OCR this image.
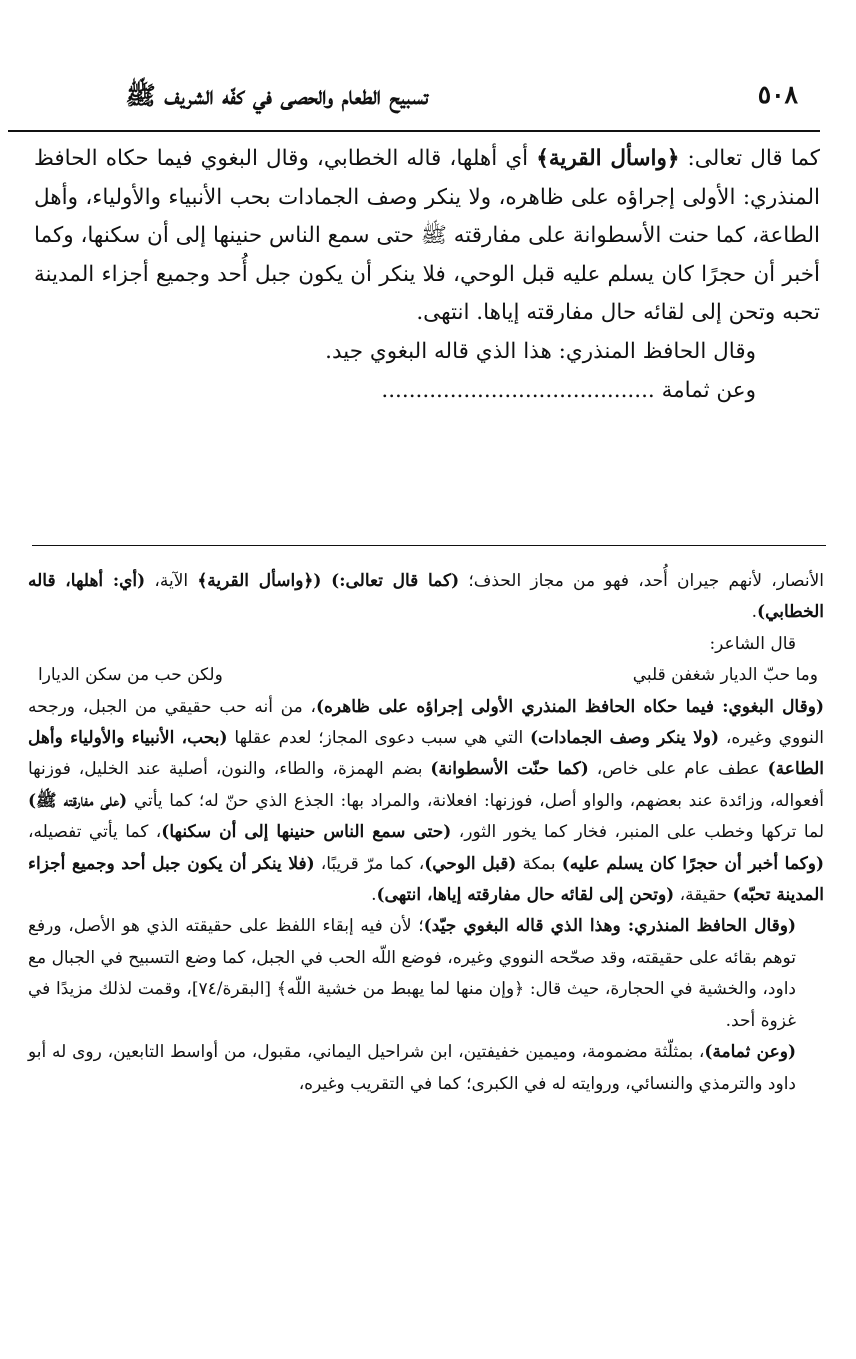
٥٠٨
تسبيح الطعام والحصى في كفّه الشريف ﷺ

كما قال تعالى: ﴿واسأل القرية﴾ أي أهلها، قاله الخطابي، وقال البغوي فيما حكاه الحافظ المنذري: الأولى إجراؤه على ظاهره، ولا ينكر وصف الجمادات بحب الأنبياء والأولياء، وأهل الطاعة، كما حنت الأسطوانة على مفارقته ﷺ حتى سمع الناس حنينها إلى أن سكنها، وكما أخبر أن حجرًا كان يسلم عليه قبل الوحي، فلا ينكر أن يكون جبل أُحد وجميع أجزاء المدينة تحبه وتحن إلى لقائه حال مفارقته إياها. انتهى.

وقال الحافظ المنذري: هذا الذي قاله البغوي جيد.

وعن ثمامة ........................................

الأنصار، لأنهم جيران أُحد، فهو من مجاز الحذف؛ (كما قال تعالى:) (﴿واسأل القرية﴾ الآية، (أي: أهلها، قاله الخطابي).

قال الشاعر:

وما حبّ الديار شغفن قلبي
ولكن حب من سكن الديارا

(وقال البغوي: فيما حكاه الحافظ المنذري الأولى إجراؤه على ظاهره)، من أنه حب حقيقي من الجبل، ورجحه النووي وغيره، (ولا ينكر وصف الجمادات) التي هي سبب دعوى المجاز؛ لعدم عقلها (بحب، الأنبياء والأولياء وأهل الطاعة) عطف عام على خاص، (كما حنّت الأسطوانة) بضم الهمزة، والطاء، والنون، أصلية عند الخليل، فوزنها أفعواله، وزائدة عند بعضهم، والواو أصل، فوزنها: افعلانة، والمراد بها: الجذع الذي حنّ له؛ كما يأتي (على مفارقته ﷺ) لما تركها وخطب على المنبر، فخار كما يخور الثور، (حتى سمع الناس حنينها إلى أن سكنها)، كما يأتي تفصيله، (وكما أخبر أن حجرًا كان يسلم عليه) بمكة (قبل الوحي)، كما مرّ قريبًا، (فلا ينكر أن يكون جبل أحد وجميع أجزاء المدينة تحبّه) حقيقة، (وتحن إلى لقائه حال مفارقته إياها، انتهى).

(وقال الحافظ المنذري: وهذا الذي قاله البغوي جيّد)؛ لأن فيه إبقاء اللفظ على حقيقته الذي هو الأصل، ورفع توهم بقائه على حقيقته، وقد صحّحه النووي وغيره، فوضع اللّه الحب في الجبل، كما وضع التسبيح في الجبال مع داود، والخشية في الحجارة، حيث قال: ﴿وإن منها لما يهبط من خشية اللّه﴾ [البقرة/٧٤]، وقمت لذلك مزيدًا في غزوة أحد.

(وعن ثمامة)، بمثلّثة مضمومة، وميمين خفيفتين، ابن شراحيل اليماني، مقبول، من أواسط التابعين، روى له أبو داود والترمذي والنسائي، وروايته له في الكبرى؛ كما في التقريب وغيره،
